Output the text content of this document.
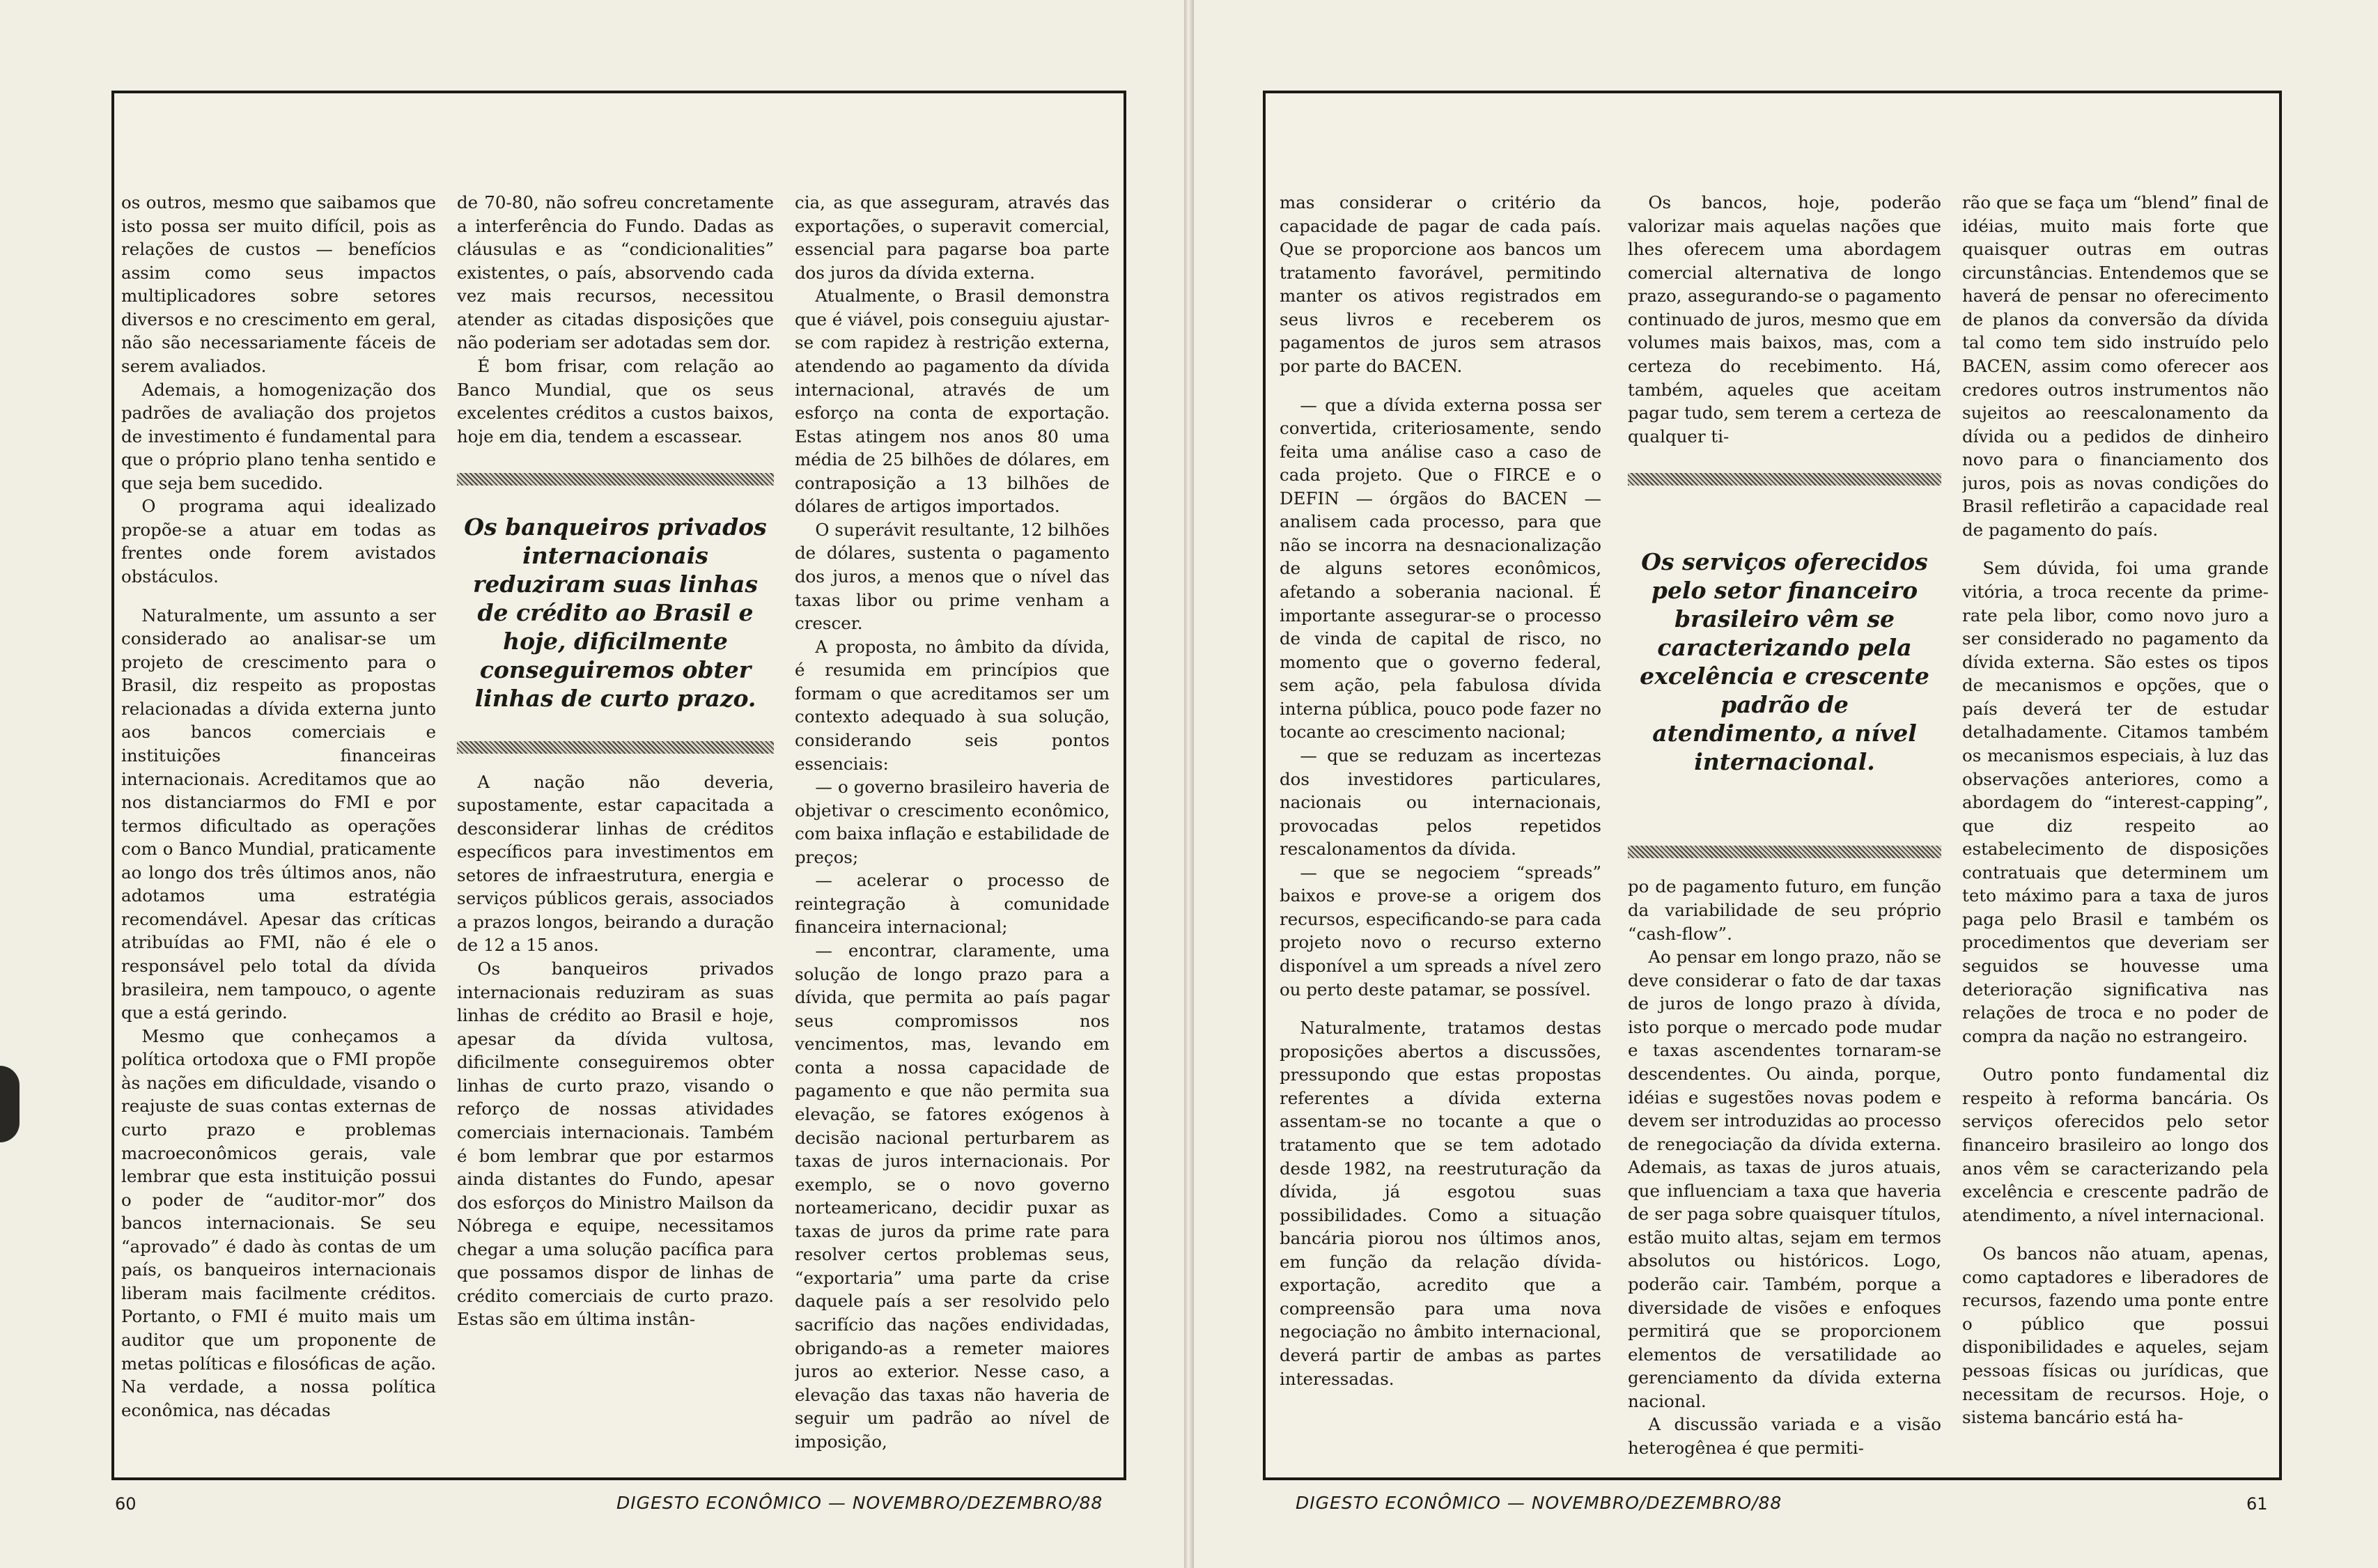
os outros, mesmo que saibamos que isto possa ser muito difícil, pois as relações de custos — benefícios assim como seus impactos multiplicadores sobre setores diversos e no crescimento em geral, não são necessariamente fáceis de serem avaliados.

Ademais, a homogenização dos padrões de avaliação dos projetos de investimento é fundamental para que o próprio plano tenha sentido e que seja bem sucedido.

O programa aqui idealizado propõe-se a atuar em todas as frentes onde forem avistados obstáculos.

Naturalmente, um assunto a ser considerado ao analisar-se um projeto de crescimento para o Brasil, diz respeito as propostas relacionadas a dívida externa junto aos bancos comerciais e instituições financeiras internacionais. Acreditamos que ao nos distanciarmos do FMI e por termos dificultado as operações com o Banco Mundial, praticamente ao longo dos três últimos anos, não adotamos uma estratégia recomendável. Apesar das críticas atribuídas ao FMI, não é ele o responsável pelo total da dívida brasileira, nem tampouco, o agente que a está gerindo.

Mesmo que conheçamos a política ortodoxa que o FMI propõe às nações em dificuldade, visando o reajuste de suas contas externas de curto prazo e problemas macroeconômicos gerais, vale lembrar que esta instituição possui o poder de “auditor-mor” dos bancos internacionais. Se seu “aprovado” é dado às contas de um país, os banqueiros internacionais liberam mais facilmente créditos. Portanto, o FMI é muito mais um auditor que um proponente de metas políticas e filosóficas de ação. Na verdade, a nossa política econômica, nas décadas

de 70-80, não sofreu concretamente a interferência do Fundo. Dadas as cláusulas e as “condicionalities” existentes, o país, absorvendo cada vez mais recursos, necessitou atender as citadas disposições que não poderiam ser adotadas sem dor.

É bom frisar, com relação ao Banco Mundial, que os seus excelentes créditos a custos baixos, hoje em dia, tendem a escassear.

Os banqueiros privados internacionais reduziram suas linhas de crédito ao Brasil e hoje, dificilmente conseguiremos obter linhas de curto prazo.

A nação não deveria, supostamente, estar capacitada a desconsiderar linhas de créditos específicos para investimentos em setores de infraestrutura, energia e serviços públicos gerais, associados a prazos longos, beirando a duração de 12 a 15 anos.

Os banqueiros privados internacionais reduziram as suas linhas de crédito ao Brasil e hoje, apesar da dívida vultosa, dificilmente conseguiremos obter linhas de curto prazo, visando o reforço de nossas atividades comerciais internacionais. Também é bom lembrar que por estarmos ainda distantes do Fundo, apesar dos esforços do Ministro Mailson da Nóbrega e equipe, necessitamos chegar a uma solução pacífica para que possamos dispor de linhas de crédito comerciais de curto prazo. Estas são em última instân-

cia, as que asseguram, através das exportações, o superavit comercial, essencial para pagarse boa parte dos juros da dívida externa.

Atualmente, o Brasil demonstra que é viável, pois conseguiu ajustar-se com rapidez à restrição externa, atendendo ao pagamento da dívida internacional, através de um esforço na conta de exportação. Estas atingem nos anos 80 uma média de 25 bilhões de dólares, em contraposição a 13 bilhões de dólares de artigos importados.

O superávit resultante, 12 bilhões de dólares, sustenta o pagamento dos juros, a menos que o nível das taxas libor ou prime venham a crescer.

A proposta, no âmbito da dívida, é resumida em princípios que formam o que acreditamos ser um contexto adequado à sua solução, considerando seis pontos essenciais:

— o governo brasileiro haveria de objetivar o crescimento econômico, com baixa inflação e estabilidade de preços;

— acelerar o processo de reintegração à comunidade financeira internacional;

— encontrar, claramente, uma solução de longo prazo para a dívida, que permita ao país pagar seus compromissos nos vencimentos, mas, levando em conta a nossa capacidade de pagamento e que não permita sua elevação, se fatores exógenos à decisão nacional perturbarem as taxas de juros internacionais. Por exemplo, se o novo governo norteamericano, decidir puxar as taxas de juros da prime rate para resolver certos problemas seus, “exportaria” uma parte da crise daquele país a ser resolvido pelo sacrifício das nações endividadas, obrigando-as a remeter maiores juros ao exterior. Nesse caso, a elevação das taxas não haveria de seguir um padrão ao nível de imposição,

60	DIGESTO ECONÔMICO — NOVEMBRO/DEZEMBRO/88

mas considerar o critério da capacidade de pagar de cada país. Que se proporcione aos bancos um tratamento favorável, permitindo manter os ativos registrados em seus livros e receberem os pagamentos de juros sem atrasos por parte do BACEN.

— que a dívida externa possa ser convertida, criteriosamente, sendo feita uma análise caso a caso de cada projeto. Que o FIRCE e o DEFIN — órgãos do BACEN — analisem cada processo, para que não se incorra na desnacionalização de alguns setores econômicos, afetando a soberania nacional. É importante assegurar-se o processo de vinda de capital de risco, no momento que o governo federal, sem ação, pela fabulosa dívida interna pública, pouco pode fazer no tocante ao crescimento nacional;

— que se reduzam as incertezas dos investidores particulares, nacionais ou internacionais, provocadas pelos repetidos rescalonamentos da dívida.

— que se negociem “spreads” baixos e prove-se a origem dos recursos, especificando-se para cada projeto novo o recurso externo disponível a um spreads a nível zero ou perto deste patamar, se possível.

Naturalmente, tratamos destas proposições abertos a discussões, pressupondo que estas propostas referentes a dívida externa assentam-se no tocante a que o tratamento que se tem adotado desde 1982, na reestruturação da dívida, já esgotou suas possibilidades. Como a situação bancária piorou nos últimos anos, em função da relação dívida-exportação, acredito que a compreensão para uma nova negociação no âmbito internacional, deverá partir de ambas as partes interessadas.

Os bancos, hoje, poderão valorizar mais aquelas nações que lhes oferecem uma abordagem comercial alternativa de longo prazo, assegurando-se o pagamento continuado de juros, mesmo que em volumes mais baixos, mas, com a certeza do recebimento. Há, também, aqueles que aceitam pagar tudo, sem terem a certeza de qualquer ti-

Os serviços oferecidos pelo setor financeiro brasileiro vêm se caracterizando pela excelência e crescente padrão de atendimento, a nível internacional.

po de pagamento futuro, em função da variabilidade de seu próprio “cash-flow”.

Ao pensar em longo prazo, não se deve considerar o fato de dar taxas de juros de longo prazo à dívida, isto porque o mercado pode mudar e taxas ascendentes tornaram-se descendentes. Ou ainda, porque, idéias e sugestões novas podem e devem ser introduzidas ao processo de renegociação da dívida externa. Ademais, as taxas de juros atuais, que influenciam a taxa que haveria de ser paga sobre quaisquer títulos, estão muito altas, sejam em termos absolutos ou históricos. Logo, poderão cair. Também, porque a diversidade de visões e enfoques permitirá que se proporcionem elementos de versatilidade ao gerenciamento da dívida externa nacional.

A discussão variada e a visão heterogênea é que permiti-

rão que se faça um “blend” final de idéias, muito mais forte que quaisquer outras em outras circunstâncias. Entendemos que se haverá de pensar no oferecimento de planos da conversão da dívida tal como tem sido instruído pelo BACEN, assim como oferecer aos credores outros instrumentos não sujeitos ao reescalonamento da dívida ou a pedidos de dinheiro novo para o financiamento dos juros, pois as novas condições do Brasil refletirão a capacidade real de pagamento do país.

Sem dúvida, foi uma grande vitória, a troca recente da prime-rate pela libor, como novo juro a ser considerado no pagamento da dívida externa. São estes os tipos de mecanismos e opções, que o país deverá ter de estudar detalhadamente. Citamos também os mecanismos especiais, à luz das observações anteriores, como a abordagem do “interest-capping”, que diz respeito ao estabelecimento de disposições contratuais que determinem um teto máximo para a taxa de juros paga pelo Brasil e também os procedimentos que deveriam ser seguidos se houvesse uma deterioração significativa nas relações de troca e no poder de compra da nação no estrangeiro.

Outro ponto fundamental diz respeito à reforma bancária. Os serviços oferecidos pelo setor financeiro brasileiro ao longo dos anos vêm se caracterizando pela excelência e crescente padrão de atendimento, a nível internacional.

Os bancos não atuam, apenas, como captadores e liberadores de recursos, fazendo uma ponte entre o público que possui disponibilidades e aqueles, sejam pessoas físicas ou jurídicas, que necessitam de recursos. Hoje, o sistema bancário está ha-

DIGESTO ECONÔMICO — NOVEMBRO/DEZEMBRO/88	61
